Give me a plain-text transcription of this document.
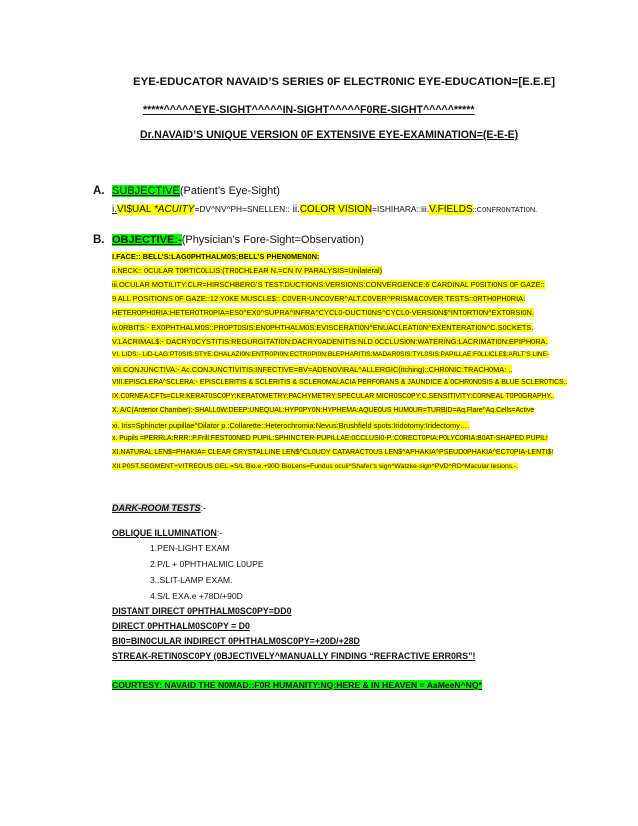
EYE-EDUCATOR NAVAID’S SERIES 0F ELECTR0NIC EYE-EDUCATION=[E.E.E]
*****^^^^^EYE-SIGHT^^^^^IN-SIGHT^^^^^F0RE-SIGHT^^^^^*****
Dr.NAVAID’S UNIQUE VERSION 0F EXTENSIVE EYE-EXAMINATION=(E-E-E)
A. SUBJECTIVE(Patient’s Eye-Sight)
i.VI$UAL *ACUITY=DV^NV^PH=SNELLEN:: ii.COLOR VISION=ISHIHARA::iii.V.FIELDS::C0NFR0NTATI0N.
B. OBJECTIVE:-(Physician’s Fore-Sight=Observation)
I.FACE:: BELL’S:LAG0PHTHALM0S:BELL’S PHEN0MEN0N:
ii.NECK:: 0CULAR T0RTIC0LLIS:(TR0CHLEAR N.=CN IV PARALYSIS=Unilateral)
iii.OCULAR MOTILITY:CLR=HIRSCHBERG’S TEST:DUCTIONS:VERSIONS:CONVERGENCE:6 CARDINAL P0SITI0NS 0F GAZE::
9 ALL POSITIONS 0F GAZE::12 Y0KE MUSCLE$:: C0VER-UNC0VER^ALT.C0VER^PRISM&C0VER TESTS::0RTH0PH0RIA:
HETER0PH0RIA:HETER0TR0PIA=ES0^EX0^SUPRA^INFRA^CYCL0-DUCTI0NS^CYCL0-VERSI0N$^INT0RTI0N^EXT0RSI0N.
iv.0RBITS:- EX0PHTHALM0S::PR0PT0SIS:EN0PHTHALM0S:EVISCERATI0N^ENUACLEATI0N^EXENTERATI0N^C.S0CKETS.
V.LACRIMAL$:- DACRY0CYSTITIS:REGURGITATI0N:DACRY0ADENITIS:NLD 0CCLUSI0N:WATERING:LACRIMATI0N:EPIPH0RA.
VI. LIDS:- LID-LAG:PT0SIS:STYE:CHALAZI0N:ENTR0PI0N:ECTR0PI0N:BLEPHARITIS:MADAR0SIS:TYL0SIS:PAPILLAE:F0LLICLE$:ARLT’S LINE-
VII.CONJUNCTIVA:- Ac.CONJUNCTIVITIS:INFECTIVE=BV=ADEN0VIRAL^ALLERGIC(itching)::CHR0NIC:TRACH0MA: ..
VIII.EPISCLERA^SCLERA:- EPISCLERITIS & SCLERITIS & SCLER0MALACIA PERF0RANS & JAUNDICE & 0CHR0N0SIS & BLUE SCLER0TICS..
IX.C0RNEA:CFTs=CLR:KERAT0SC0PY:KERAT0METRY:PACHYMETRY:SPECULAR MICR0SC0PY:C.SENSITIVITY:C0RNEAL T0P0GRAPHY..
X. A/C(Anterior Chamber):-SHALL0W:DEEP:UNEQUAL:HYP0PY0N:HYPHEMA:AQUE0US HUM0UR=TURBID=Aq.Flare^Aq.Cells=Active
xi. Iris=Sphincter pupillae^Dilator p.:Collarette::Heterochromia:Nevus:Brushfield spots:Iridotomy:Iridectomy….
x. Pupils =PERRLA:RRR::P.Frill:FEST00NED PUPIL:SPHINCTER-PUPILLAE:0CCLUSI0-P.:C0RECT0PIA:P0LYC0RIA:B0AT-SHAPED PUPIL!
XI.NATURAL LEN$=PHAKIA= CLEAR CRYSTALLINE LEN$^CL0UDY CATARACT0US LEN$^APHAKIA^PSEUD0PHAKIA^ECT0PIA-LENTI$!
XII.P0ST.SEGMENT+VITREOUS GEL.=S/L Bio.e.+90D BioLens=Fundus oculi^Shafer’s sign^Watzke-sign^PVD^RD^Macular lesions.-.
DARK-ROOM TESTS:-
OBLIQUE ILLUMINATION:-
1.PEN-LIGHT EXAM
2.P/L + 0PHTHALMIC L0UPE
3..SLIT-LAMP EXAM.
4.S/L EXA.e +78D/+90D
DISTANT DIRECT 0PHTHALM0SC0PY=DD0
DIRECT 0PHTHALM0SC0PY = D0
BI0=BIN0CULAR INDIRECT 0PHTHALM0SC0PY=+20D/+28D
STREAK-RETIN0SC0PY (0BJECTIVELY^MANUALLY FINDING “REFRACTIVE ERR0RS”!
COURTESY: NAVAID THE N0MAD::F0R HUMANITY:NQ:HERE & IN HEAVEN = AaMeeN^NQ*
